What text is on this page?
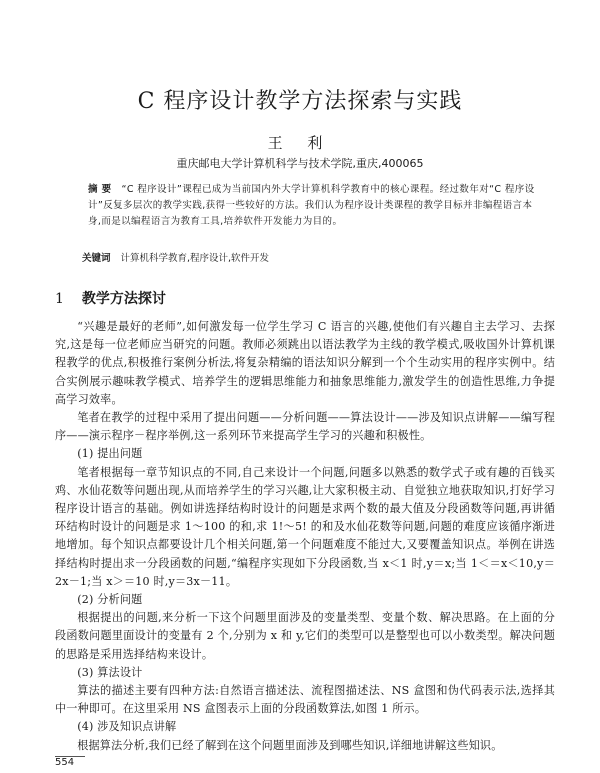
C 程序设计教学方法探索与实践
王 利
重庆邮电大学计算机科学与技术学院,重庆,400065
摘 要 “C 程序设计”课程已成为当前国内外大学计算机科学教育中的核心课程。经过数年对“C 程序设计”反复多层次的教学实践,获得一些较好的方法。我们认为程序设计类课程的教学目标并非编程语言本身,而是以编程语言为教育工具,培养软件开发能力为目的。
关键词 计算机科学教育,程序设计,软件开发
1 教学方法探讨

“兴趣是最好的老师”,如何激发每一位学生学习 C 语言的兴趣,使他们有兴趣自主去学习、去探究,这是每一位老师应当研究的问题。教师必须跳出以语法教学为主线的教学模式,吸收国外计算机课程教学的优点,积极推行案例分析法,将复杂精编的语法知识分解到一个个生动实用的程序实例中。结合实例展示趣味教学模式、培养学生的逻辑思维能力和抽象思维能力,激发学生的创造性思维,力争提高学习效率。

笔者在教学的过程中采用了提出问题——分析问题——算法设计——涉及知识点讲解——编写程序——演示程序－程序举例,这一系列环节来提高学生学习的兴趣和积极性。

(1) 提出问题

笔者根据每一章节知识点的不同,自己来设计一个问题,问题多以熟悉的数学式子或有趣的百钱买鸡、水仙花数等问题出现,从而培养学生的学习兴趣,让大家积极主动、自觉独立地获取知识,打好学习程序设计语言的基础。例如讲选择结构时设计的问题是求两个数的最大值及分段函数等问题,再讲循环结构时设计的问题是求 1～100 的和,求 1!～5! 的和及水仙花数等问题,问题的难度应该循序渐进地增加。每个知识点都要设计几个相关问题,第一个问题难度不能过大,又要覆盖知识点。举例在讲选择结构时提出求一分段函数的问题,“编程序实现如下分段函数,当 x＜1 时,y＝x;当 1＜＝x＜10,y＝2x－1;当 x＞＝10 时,y＝3x－11。

(2) 分析问题

根据提出的问题,来分析一下这个问题里面涉及的变量类型、变量个数、解决思路。在上面的分段函数问题里面设计的变量有 2 个,分别为 x 和 y,它们的类型可以是整型也可以小数类型。解决问题的思路是采用选择结构来设计。

(3) 算法设计

算法的描述主要有四种方法:自然语言描述法、流程图描述法、NS 盒图和伪代码表示法,选择其中一种即可。在这里采用 NS 盒图表示上面的分段函数算法,如图 1 所示。

(4) 涉及知识点讲解

根据算法分析,我们已经了解到在这个问题里面涉及到哪些知识,详细地讲解这些知识。

554
